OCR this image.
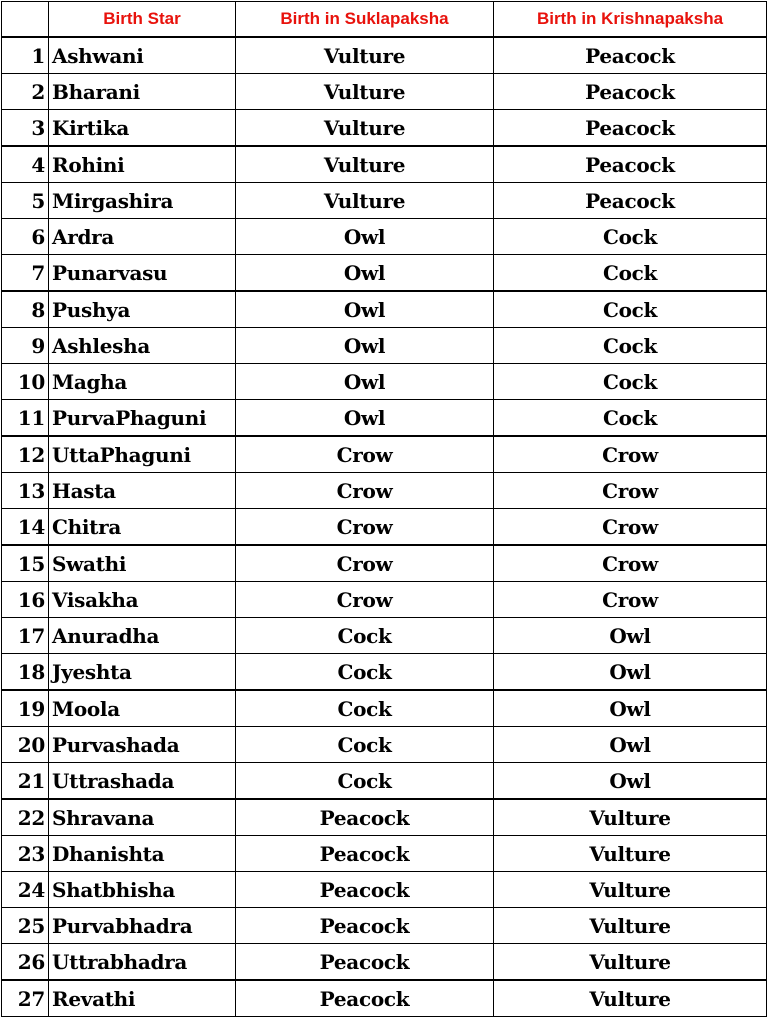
	Birth Star	Birth in Suklapaksha	Birth in Krishnapaksha
1	Ashwani	Vulture	Peacock
2	Bharani	Vulture	Peacock
3	Kirtika	Vulture	Peacock
4	Rohini	Vulture	Peacock
5	Mirgashira	Vulture	Peacock
6	Ardra	Owl	Cock
7	Punarvasu	Owl	Cock
8	Pushya	Owl	Cock
9	Ashlesha	Owl	Cock
10	Magha	Owl	Cock
11	PurvaPhaguni	Owl	Cock
12	UttaPhaguni	Crow	Crow
13	Hasta	Crow	Crow
14	Chitra	Crow	Crow
15	Swathi	Crow	Crow
16	Visakha	Crow	Crow
17	Anuradha	Cock	Owl
18	Jyeshta	Cock	Owl
19	Moola	Cock	Owl
20	Purvashada	Cock	Owl
21	Uttrashada	Cock	Owl
22	Shravana	Peacock	Vulture
23	Dhanishta	Peacock	Vulture
24	Shatbhisha	Peacock	Vulture
25	Purvabhadra	Peacock	Vulture
26	Uttrabhadra	Peacock	Vulture
27	Revathi	Peacock	Vulture
